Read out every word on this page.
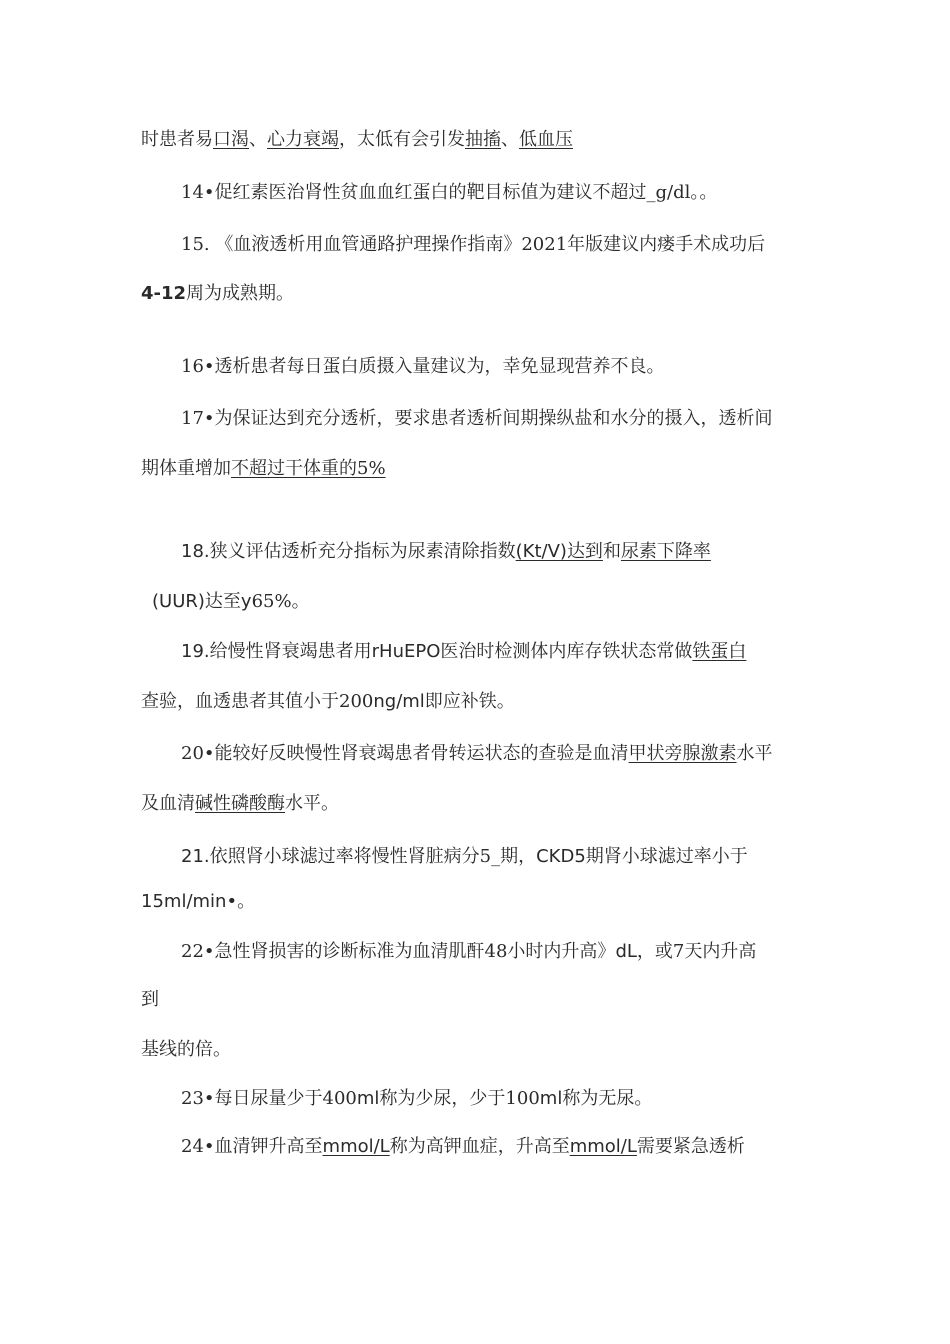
时患者易口渴、心力衰竭，太低有会引发抽搐、低血压
14•促红素医治肾性贫血血红蛋白的靶目标值为建议不超过_g/dl。。
15. 《血液透析用血管通路护理操作指南》2021年版建议内瘘手术成功后
4-12周为成熟期。
16•透析患者每日蛋白质摄入量建议为，幸免显现营养不良。
17•为保证达到充分透析，要求患者透析间期操纵盐和水分的摄入，透析间
期体重增加不超过干体重的5%
18.狭义评估透析充分指标为尿素清除指数(Kt/V)达到和尿素下降率
(UUR)达至y65%。
19.给慢性肾衰竭患者用rHuEPO医治时检测体内库存铁状态常做铁蛋白
查验，血透患者其值小于200ng/ml即应补铁。
20•能较好反映慢性肾衰竭患者骨转运状态的查验是血清甲状旁腺激素水平
及血清碱性磷酸酶水平。
21.依照肾小球滤过率将慢性肾脏病分5_期，CKD5期肾小球滤过率小于
15ml/min•。
22•急性肾损害的诊断标准为血清肌酐48小时内升高》dL，或7天内升高
到
基线的倍。
23•每日尿量少于400ml称为少尿，少于100ml称为无尿。
24•血清钾升高至mmol/L称为高钾血症，升高至mmol/L需要紧急透析
